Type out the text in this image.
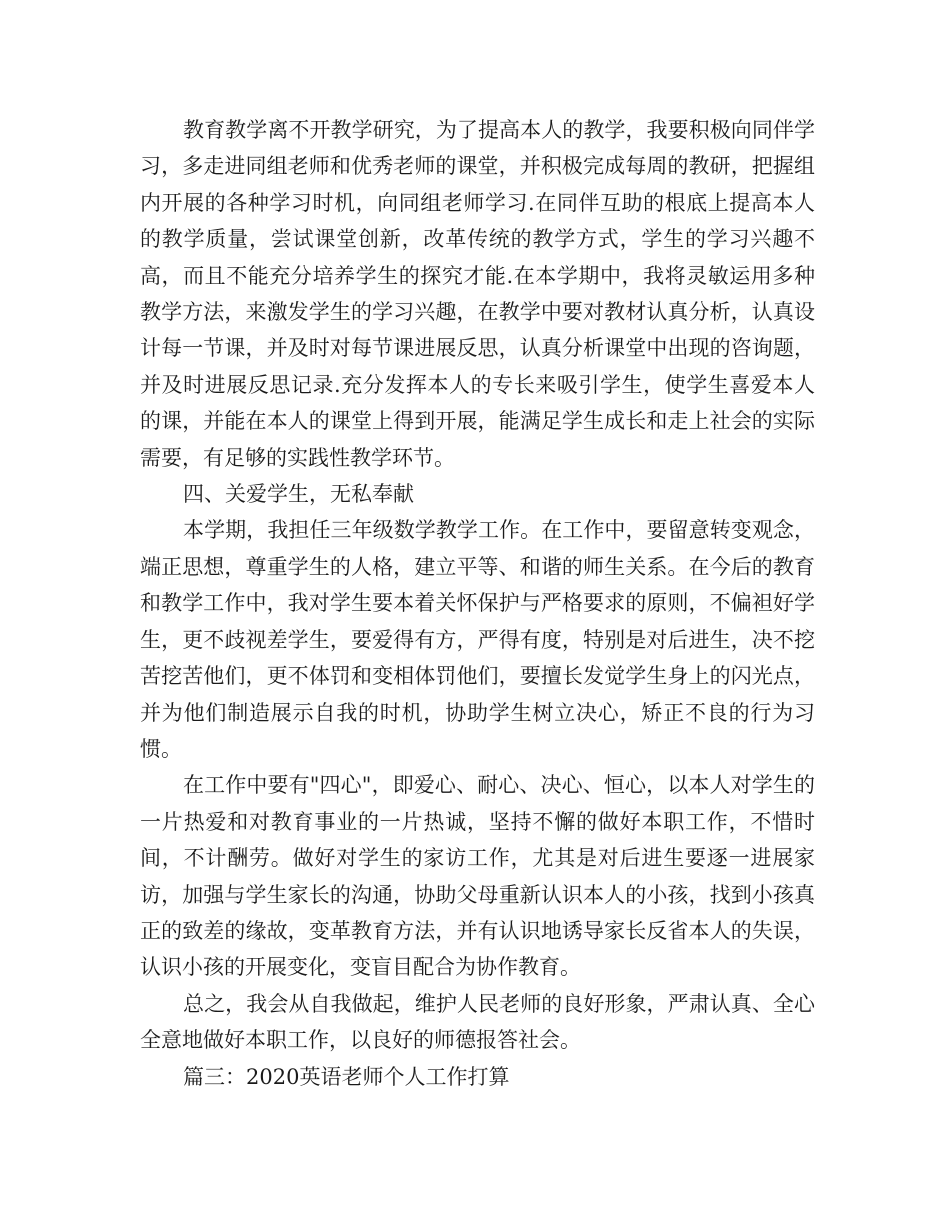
教育教学离不开教学研究，为了提高本人的教学，我要积极向同伴学习，多走进同组老师和优秀老师的课堂，并积极完成每周的教研，把握组内开展的各种学习时机，向同组老师学习.在同伴互助的根底上提高本人的教学质量，尝试课堂创新，改革传统的教学方式，学生的学习兴趣不高，而且不能充分培养学生的探究才能.在本学期中，我将灵敏运用多种教学方法，来激发学生的学习兴趣，在教学中要对教材认真分析，认真设计每一节课，并及时对每节课进展反思，认真分析课堂中出现的咨询题，并及时进展反思记录.充分发挥本人的专长来吸引学生，使学生喜爱本人的课，并能在本人的课堂上得到开展，能满足学生成长和走上社会的实际需要，有足够的实践性教学环节。

四、关爱学生，无私奉献

本学期，我担任三年级数学教学工作。在工作中，要留意转变观念，端正思想，尊重学生的人格，建立平等、和谐的师生关系。在今后的教育和教学工作中，我对学生要本着关怀保护与严格要求的原则，不偏袒好学生，更不歧视差学生，要爱得有方，严得有度，特别是对后进生，决不挖苦挖苦他们，更不体罚和变相体罚他们，要擅长发觉学生身上的闪光点，并为他们制造展示自我的时机，协助学生树立决心，矫正不良的行为习惯。

在工作中要有"四心"，即爱心、耐心、决心、恒心，以本人对学生的一片热爱和对教育事业的一片热诚，坚持不懈的做好本职工作，不惜时间，不计酬劳。做好对学生的家访工作，尤其是对后进生要逐一进展家访，加强与学生家长的沟通，协助父母重新认识本人的小孩，找到小孩真正的致差的缘故，变革教育方法，并有认识地诱导家长反省本人的失误，认识小孩的开展变化，变盲目配合为协作教育。

总之，我会从自我做起，维护人民老师的良好形象，严肃认真、全心全意地做好本职工作，以良好的师德报答社会。

篇三：2020英语老师个人工作打算
